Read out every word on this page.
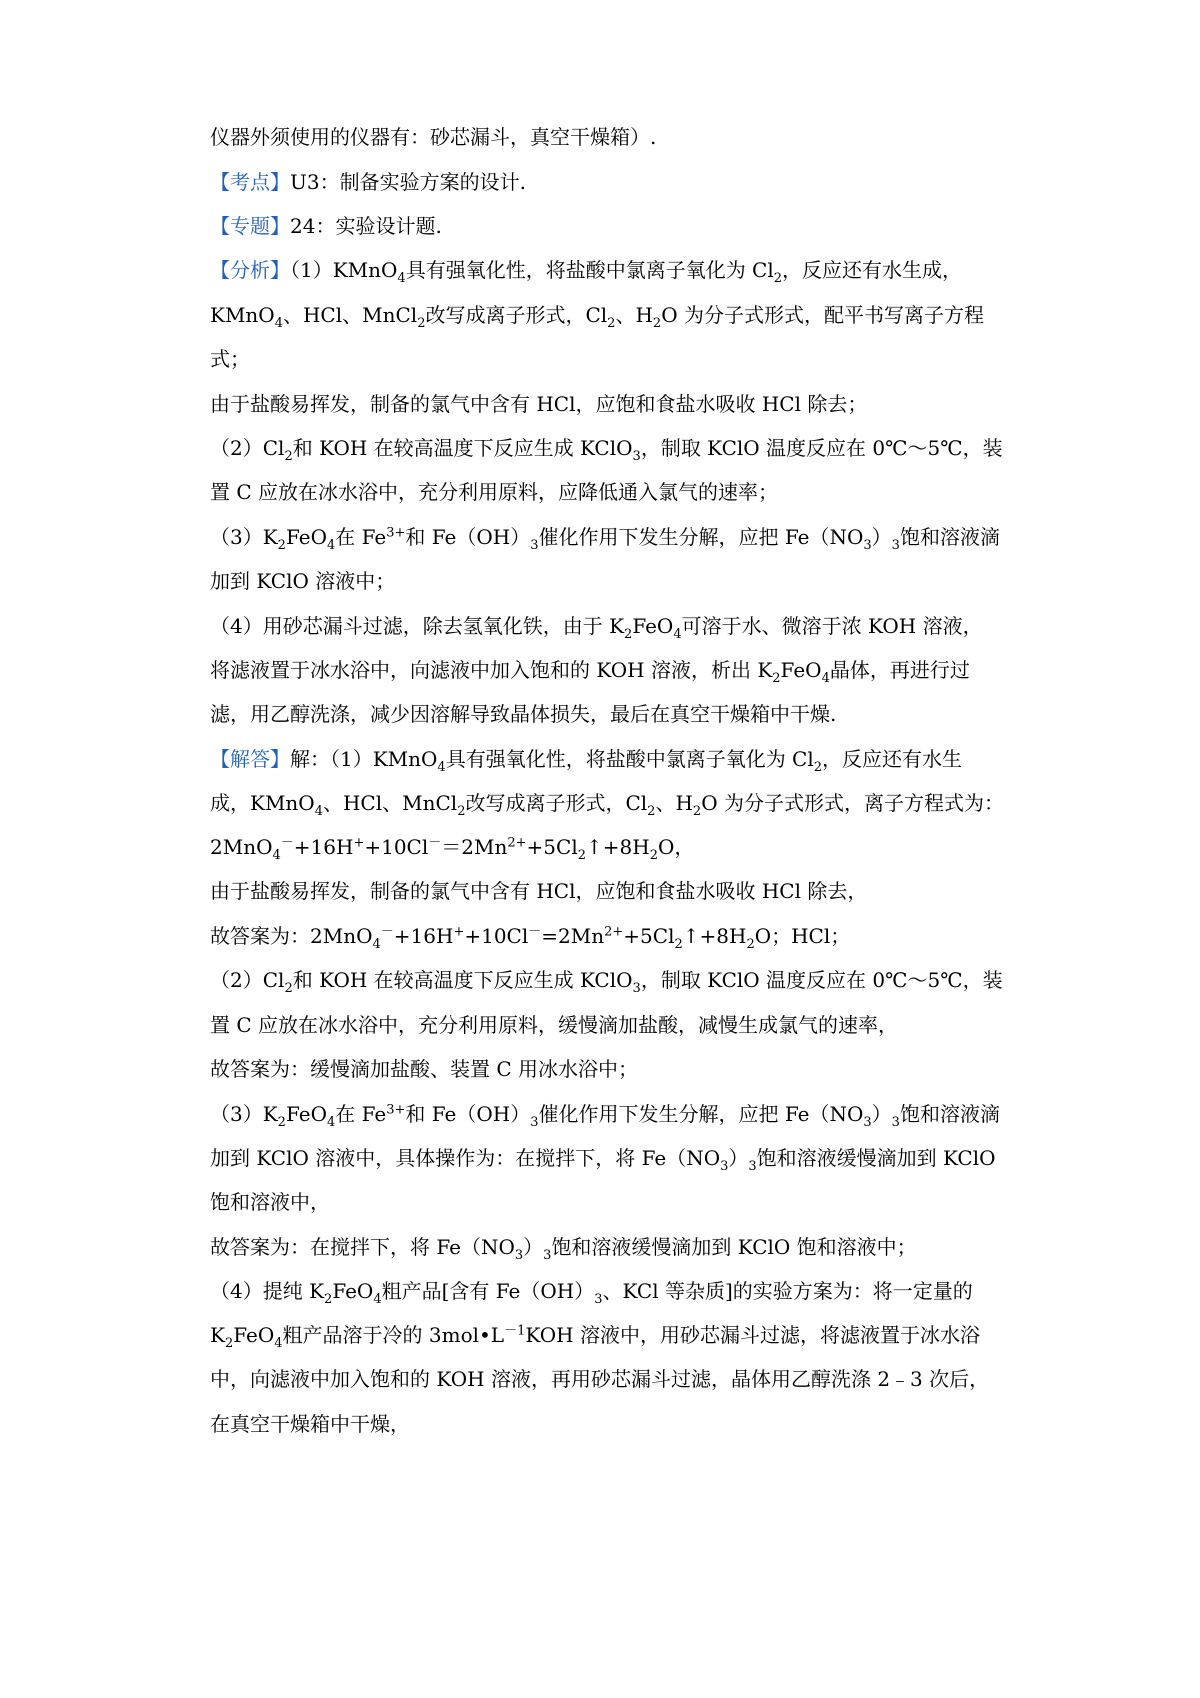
仪器外须使用的仪器有：砂芯漏斗，真空干燥箱）.
【考点】U3：制备实验方案的设计.
【专题】24：实验设计题.
【分析】（1）KMnO$_4$具有强氧化性，将盐酸中氯离子氧化为 $Cl_2$，反应还有水生成，
KMnO$_4$、HCl、MnCl$_2$改写成离子形式，$Cl_2$、$H_2O$ 为分子式形式，配平书写离子方程
式；
由于盐酸易挥发，制备的氯气中含有 HCl，应饱和食盐水吸收 HCl 除去；
$(2)Cl_2$和 KOH 在较高温度下反应生成 KClO$_3$，制取 KClO 温度反应在 0℃～5℃，装
置 C 应放在冰水浴中，充分利用原料，应降低通入氯气的速率；
$(3)K_2FeO_4$在 $Fe^{3+}$和 $Fe(OH)_3$催化作用下发生分解，应把 $Fe(NO_3)_3$饱和溶液滴
加到 KClO 溶液中；
（4）用砂芯漏斗过滤，除去氢氧化铁，由于 $K_2FeO_4$可溶于水、微溶于浓 KOH 溶液，
将滤液置于冰水浴中，向滤液中加入饱和的 KOH 溶液，析出 $K_2FeO_4$晶体，再进行过
滤，用乙醇洗涤，减少因溶解导致晶体损失，最后在真空干燥箱中干燥.
【解答】解：（1）KMnO$_4$具有强氧化性，将盐酸中氯离子氧化为 $Cl_2$，反应还有水生
成，KMnO$_4$、HCl、MnCl$_2$改写成离子形式，$Cl_2$、$H_2O$ 为分子式形式，离子方程式为：
$2MnO_4^-+16H^++10Cl^-=2Mn^{2+}+5Cl_2↑+8H_2O$，
由于盐酸易挥发，制备的氯气中含有 HCl，应饱和食盐水吸收 HCl 除去，
故答案为：$2MnO_4^-+16H^++10Cl^-=2Mn^{2+}+5Cl_2↑+8H_2O$；HCl；
$(2)Cl_2$和 KOH 在较高温度下反应生成 KClO$_3$，制取 KClO 温度反应在 0℃～5℃，装
置 C 应放在冰水浴中，充分利用原料，缓慢滴加盐酸，减慢生成氯气的速率，
故答案为：缓慢滴加盐酸、装置 C 用冰水浴中；
$(3)K_2FeO_4$在 $Fe^{3+}$和 $Fe(OH)_3$催化作用下发生分解，应把 $Fe(NO_3)_3$饱和溶液滴
加到 KClO 溶液中，具体操作为：在搅拌下，将 $Fe(NO_3)_3$饱和溶液缓慢滴加到 KClO
饱和溶液中，
故答案为：在搅拌下，将 $Fe(NO_3)_3$饱和溶液缓慢滴加到 KClO 饱和溶液中；
（4）提纯 $K_2FeO_4$粗产品[含有 $Fe(OH)_3$、KCl 等杂质]的实验方案为：将一定量的
$K_2FeO_4$粗产品溶于冷的 $3mol•L^{-1}KOH$ 溶液中，用砂芯漏斗过滤，将滤液置于冰水浴
中，向滤液中加入饱和的 KOH 溶液，再用砂芯漏斗过滤，晶体用乙醇洗涤 2﹣3 次后，
在真空干燥箱中干燥，
